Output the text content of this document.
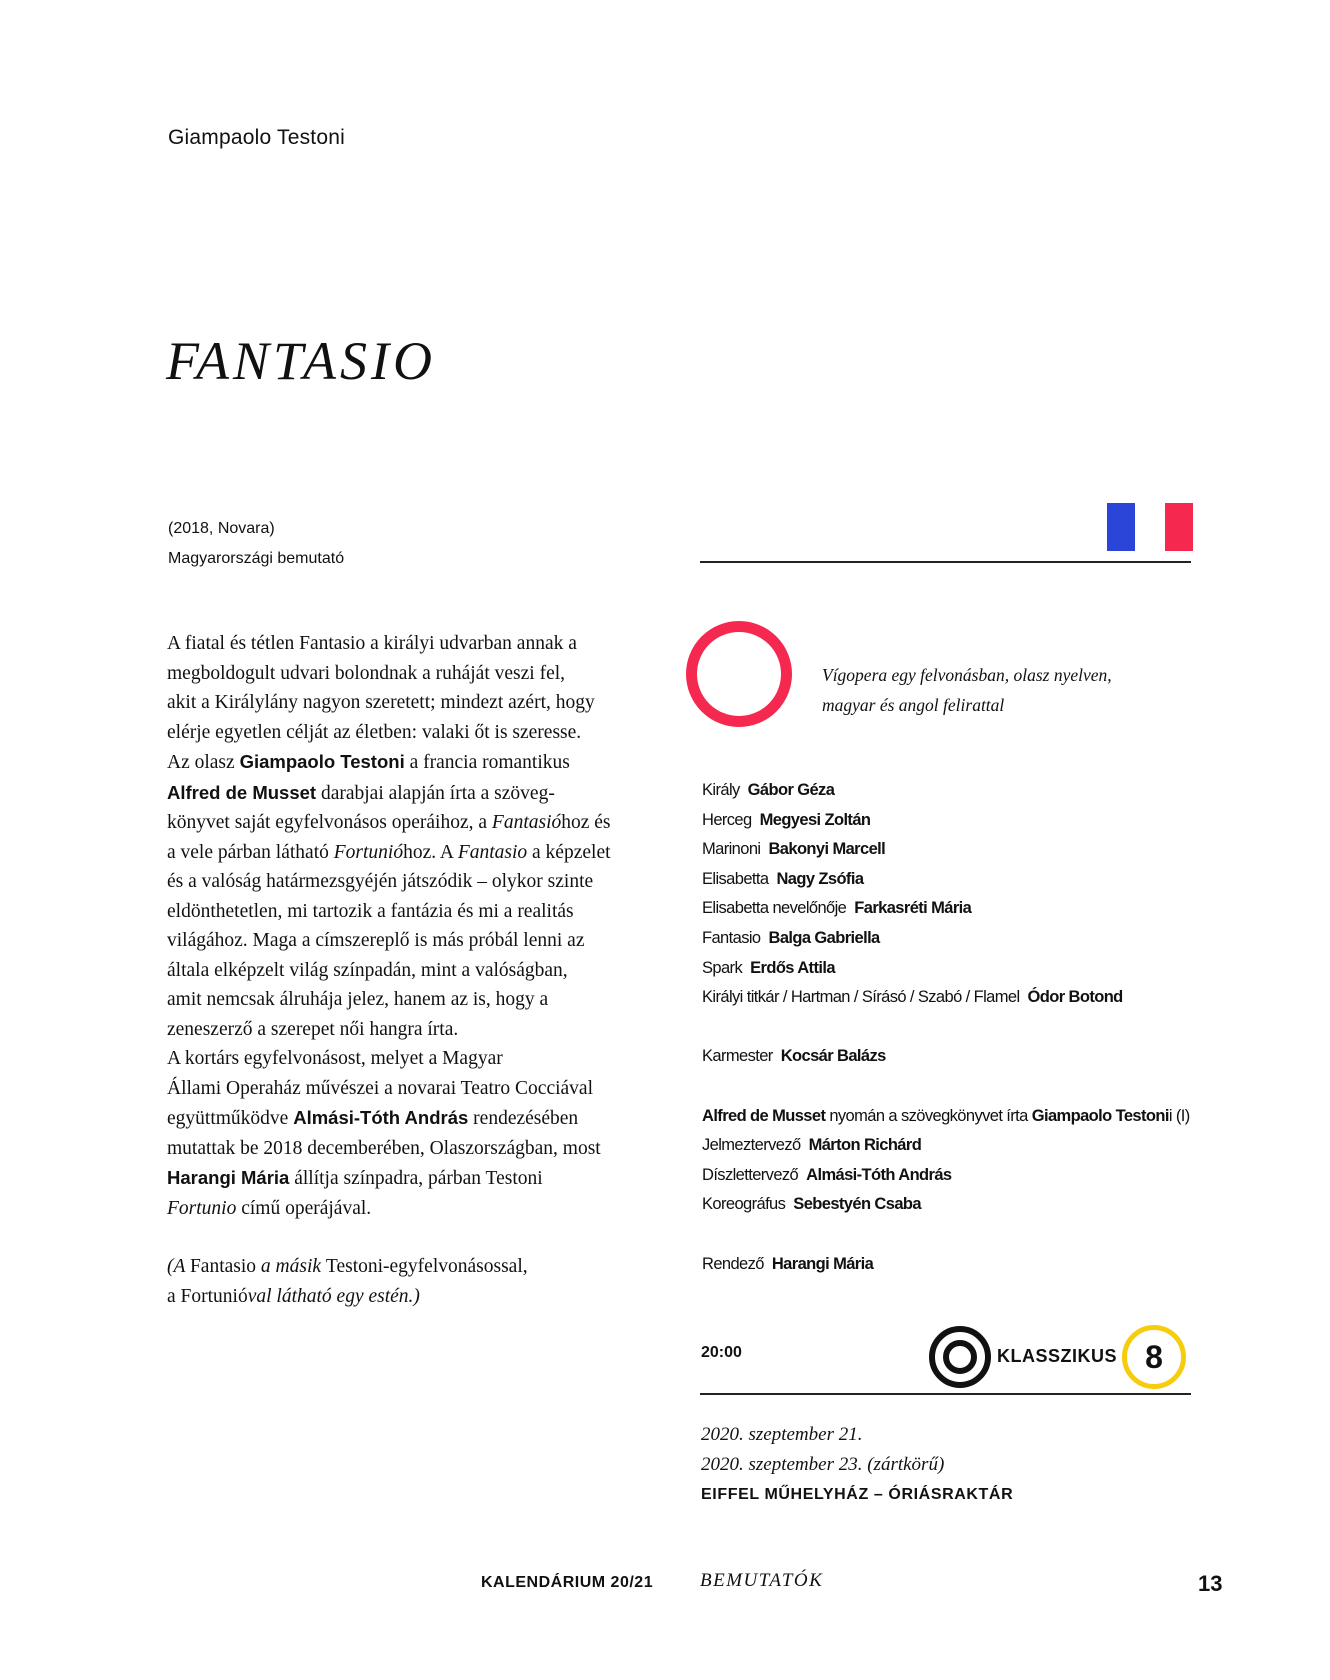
Giampaolo Testoni
FANTASIO
(2018, Novara)
Magyarországi bemutató

A fiatal és tétlen Fantasio a királyi udvarban annak a

megboldogult udvari bolondnak a ruháját veszi fel,

akit a Királylány nagyon szeretett; mindezt azért, hogy

elérje egyetlen célját az életben: valaki őt is szeresse.

Az olasz Giampaolo Testoni a francia romantikus

Alfred de Musset darabjai alapján írta a szöveg-

könyvet saját egyfelvonásos operáihoz, a Fantasióhoz és

a vele párban látható Fortunióhoz. A Fantasio a képzelet

és a valóság határmezsgyéjén játszódik – olykor szinte

eldönthetetlen, mi tartozik a fantázia és mi a realitás

világához. Maga a címszereplő is más próbál lenni az

általa elképzelt világ színpadán, mint a valóságban,

amit nemcsak álruhája jelez, hanem az is, hogy a

zeneszerző a szerepet női hangra írta.

A kortárs egyfelvonásost, melyet a Magyar

Állami Operaház művészei a novarai Teatro Cocciával

együttműködve Almási-Tóth András rendezésében

mutattak be 2018 decemberében, Olaszországban, most

Harangi Mária állítja színpadra, párban Testoni

Fortunio című operájával.

(A Fantasio a másik Testoni-egyfelvonásossal,

a Fortunióval látható egy estén.)

Vígopera egy felvonásban, olasz nyelven,
magyar és angol felirattal
Király Gábor Géza
Herceg Megyesi Zoltán
Marinoni Bakonyi Marcell
Elisabetta Nagy Zsófia
Elisabetta nevelőnője Farkasréti Mária
Fantasio Balga Gabriella
Spark Erdős Attila
Királyi titkár / Hartman / Sírásó / Szabó / Flamel Ódor Botond
Karmester Kocsár Balázs
Alfred de Musset nyomán a szövegkönyvet írta Giampaolo Testonii (I)
Jelmeztervező Márton Richárd
Díszlettervező Almási-Tóth András
Koreográfus Sebestyén Csaba
Rendező Harangi Mária
20:00	KLASSZIKUS 8
2020. szeptember 21.
2020. szeptember 23. (zártkörű)
EIFFEL MŰHELYHÁZ – ÓRIÁSRAKTÁR
KALENDÁRIUM 20/21 BEMUTATÓK	13
